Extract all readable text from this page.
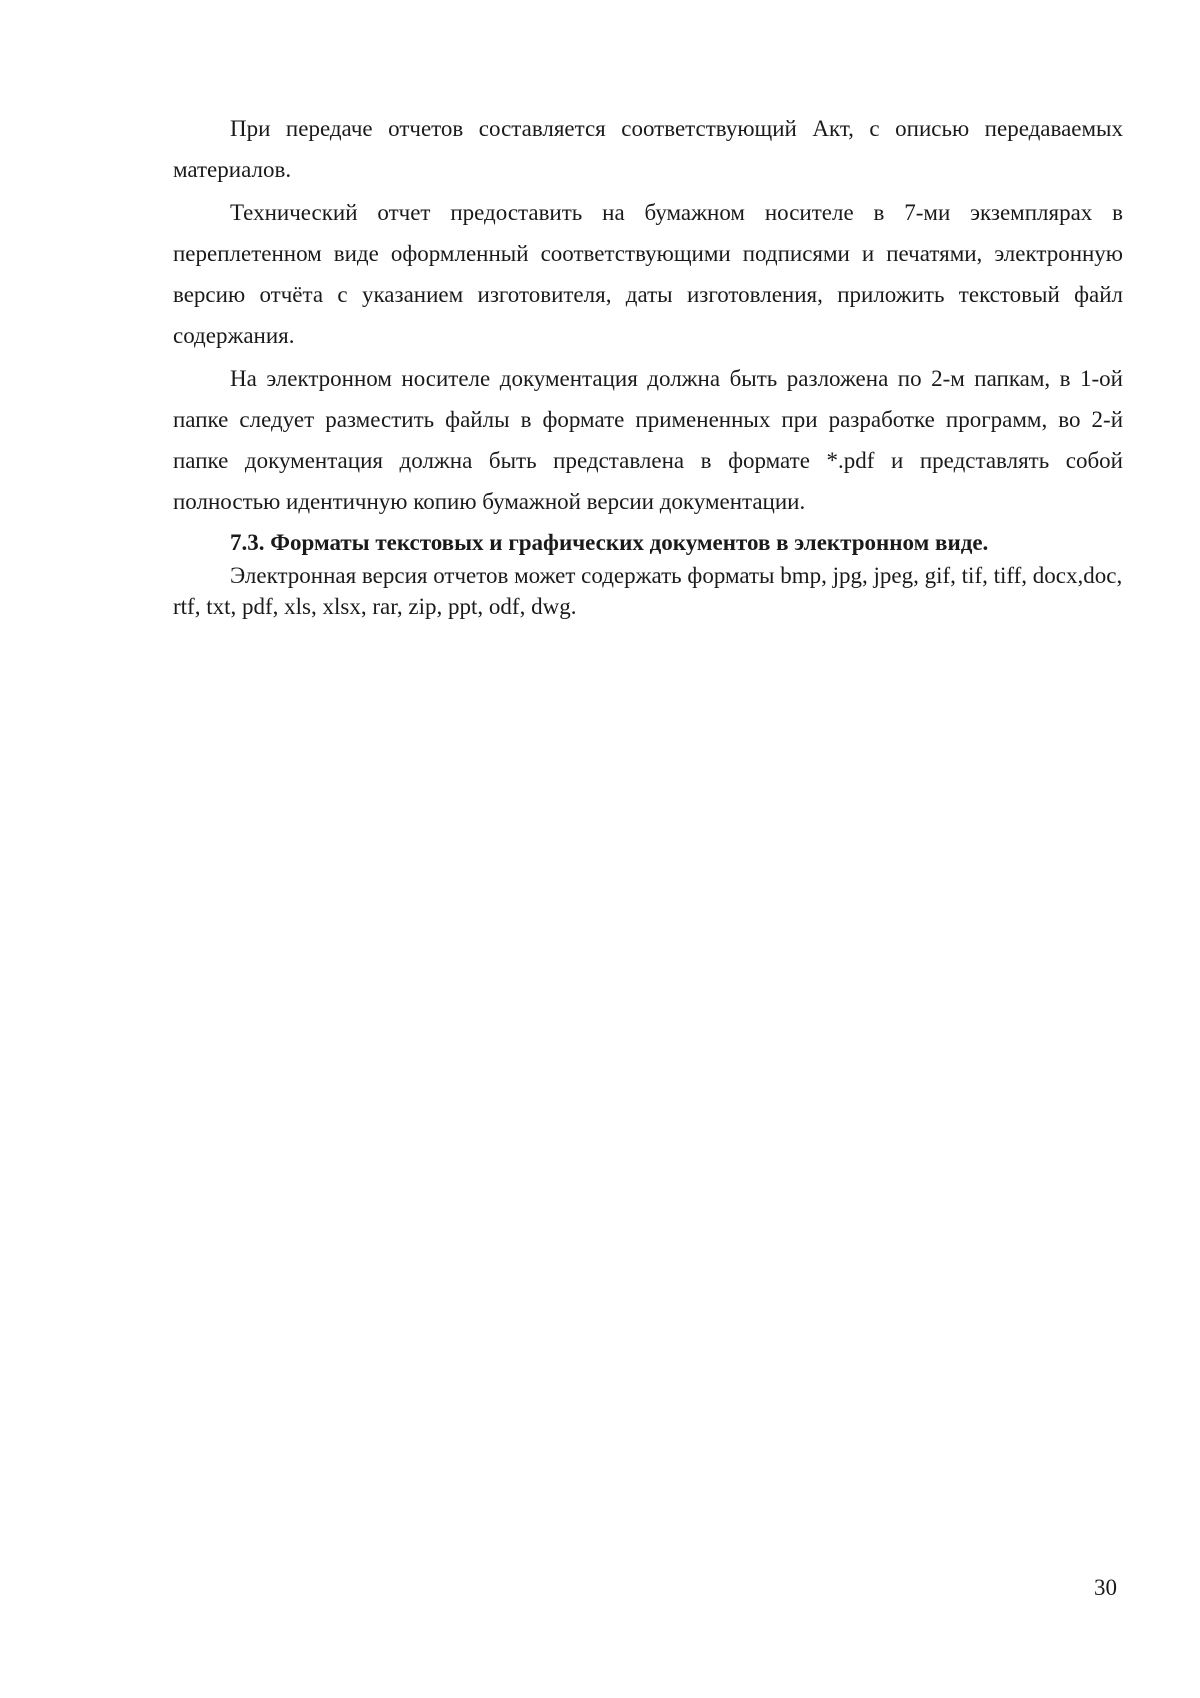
При передаче отчетов составляется соответствующий Акт, с описью передаваемых материалов.

Технический отчет предоставить на бумажном носителе в 7-ми экземплярах в переплетенном виде оформленный соответствующими подписями и печатями, электронную версию отчёта с указанием изготовителя, даты изготовления, приложить текстовый файл содержания.

На электронном носителе документация должна быть разложена по 2-м папкам, в 1-ой папке следует разместить файлы в формате примененных при разработке программ, во 2-й папке документация должна быть представлена в формате *.pdf и представлять собой полностью идентичную копию бумажной версии документации.

7.3. Форматы текстовых и графических документов в электронном виде.

Электронная версия отчетов может содержать форматы bmp, jpg, jpeg, gif, tif, tiff, docx,doc, rtf, txt, pdf, xls, xlsx, rar, zip, ppt, odf, dwg.

30
